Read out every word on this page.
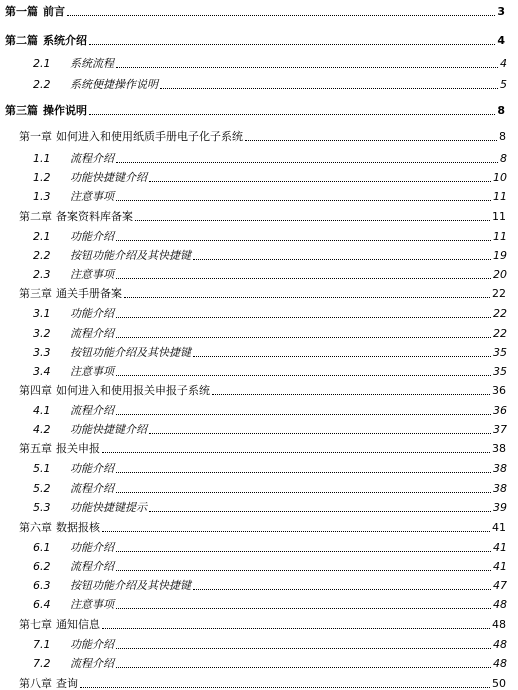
第一篇 前言	3
第二篇 系统介绍	4
2.1	系统流程	4
2.2	系统便捷操作说明	5
第三篇 操作说明	8
第一章 如何进入和使用纸质手册电子化子系统	8
1.1	流程介绍	8
1.2	功能快捷键介绍	10
1.3	注意事项	11
第二章 备案资料库备案	11
2.1	功能介绍	11
2.2	按钮功能介绍及其快捷键	19
2.3	注意事项	20
第三章 通关手册备案	22
3.1	功能介绍	22
3.2	流程介绍	22
3.3	按钮功能介绍及其快捷键	35
3.4	注意事项	35
第四章 如何进入和使用报关申报子系统	36
4.1	流程介绍	36
4.2	功能快捷键介绍	37
第五章 报关申报	38
5.1	功能介绍	38
5.2	流程介绍	38
5.3	功能快捷键提示	39
第六章 数据报核	41
6.1	功能介绍	41
6.2	流程介绍	41
6.3	按钮功能介绍及其快捷键	47
6.4	注意事项	48
第七章 通知信息	48
7.1	功能介绍	48
7.2	流程介绍	48
第八章 查询	50
